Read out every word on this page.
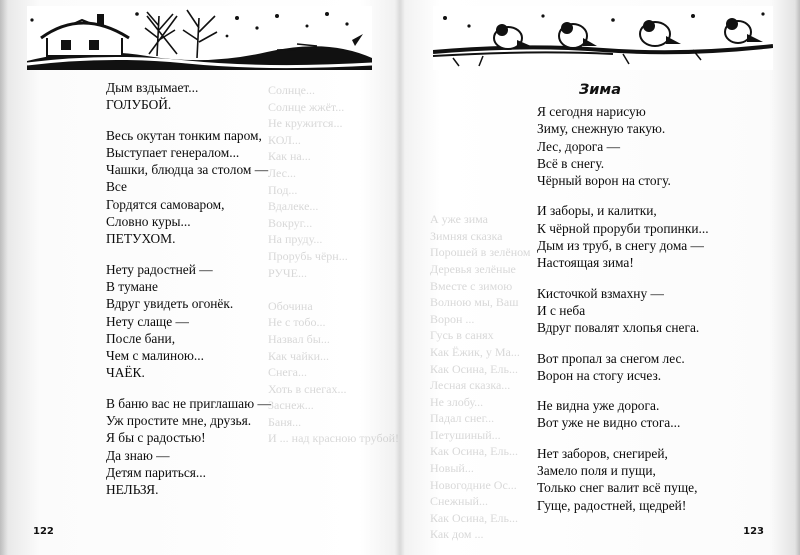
Солнце...
Солнце жжёт...
Не кружится...
КОЛ...
Как на...
Лес...
Под...
Вдалеке...
Вокруг...
На пруду...
Прорубь чёрн...
РУЧЕ...
Обочина
Не с тобо...
Назвал бы...
Как чайки...
Снега...
Хоть в снегах...
Заснеж...
Баня...
И ... над красною трубой!
Дым вздымает...
ГОЛУБОЙ.
Весь окутан тонким паром,
Выступает генералом...
Чашки, блюдца за столом —
Все
Гордятся самоваром,
Словно куры...
ПЕТУХОМ.
Нету радостней —
В тумане
Вдруг увидеть огонёк.
Нету слаще —
После бани,
Чем с малиною...
ЧАЁК.
В баню вас не приглашаю —
Уж простите мне, друзья.
Я бы с радостью!
Да знаю —
Детям париться...
НЕЛЬЗЯ.
122
А уже зима
Зимняя сказка
Порошей в зелёном
Деревья зелёные
Вместе с зимою
Волною мы, Ваш
Ворон ...
Гусь в санях
Как Ёжик, у Ма...
Как Осина, Ель...
Лесная сказка...
Не злобу...
Падал снег...
Петушиный...
Как Осина, Ель...
Новый...
Новогодние Ос...
Снежный...
Как Осина, Ель...
Как дом ...
Зима
Я сегодня нарисую
Зиму, снежную такую.
Лес, дорога —
Всё в снегу.
Чёрный ворон на стогу.
И заборы, и калитки,
К чёрной проруби тропинки...
Дым из труб, в снегу дома —
Настоящая зима!
Кисточкой взмахну —
И с неба
Вдруг повалят хлопья снега.
Вот пропал за снегом лес.
Ворон на стогу исчез.
Не видна уже дорога.
Вот уже не видно стога...
Нет заборов, снегирей,
Замело поля и пущи,
Только снег валит всё пуще,
Гуще, радостней, щедрей!
123
